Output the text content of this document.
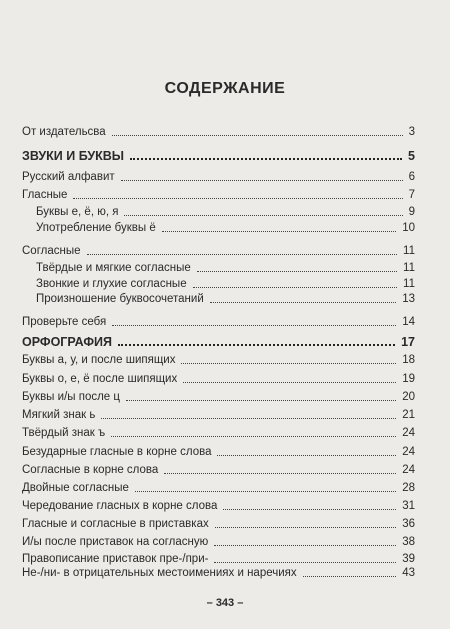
СОДЕРЖАНИЕ
От издательсва	3
ЗВУКИ И БУКВЫ	5
Русский алфавит	6
Гласные	7
Буквы е, ё, ю, я	9
Употребление буквы ё	10
Согласные	11
Твёрдые и мягкие согласные	11
Звонкие и глухие согласные	11
Произношение буквосочетаний	13
Проверьте себя	14
ОРФОГРАФИЯ	17
Буквы а, у, и после шипящих	18
Буквы о, е, ё после шипящих	19
Буквы и/ы после ц	20
Мягкий знак ь	21
Твёрдый знак ъ	24
Безударные гласные в корне слова	24
Согласные в корне слова	24
Двойные согласные	28
Чередование гласных в корне слова	31
Гласные и согласные в приставках	36
И/ы после приставок на согласную	38
Правописание приставок пре-/при-	39
Не-/ни- в отрицательных местоимениях и наречиях	43
– 343 –
